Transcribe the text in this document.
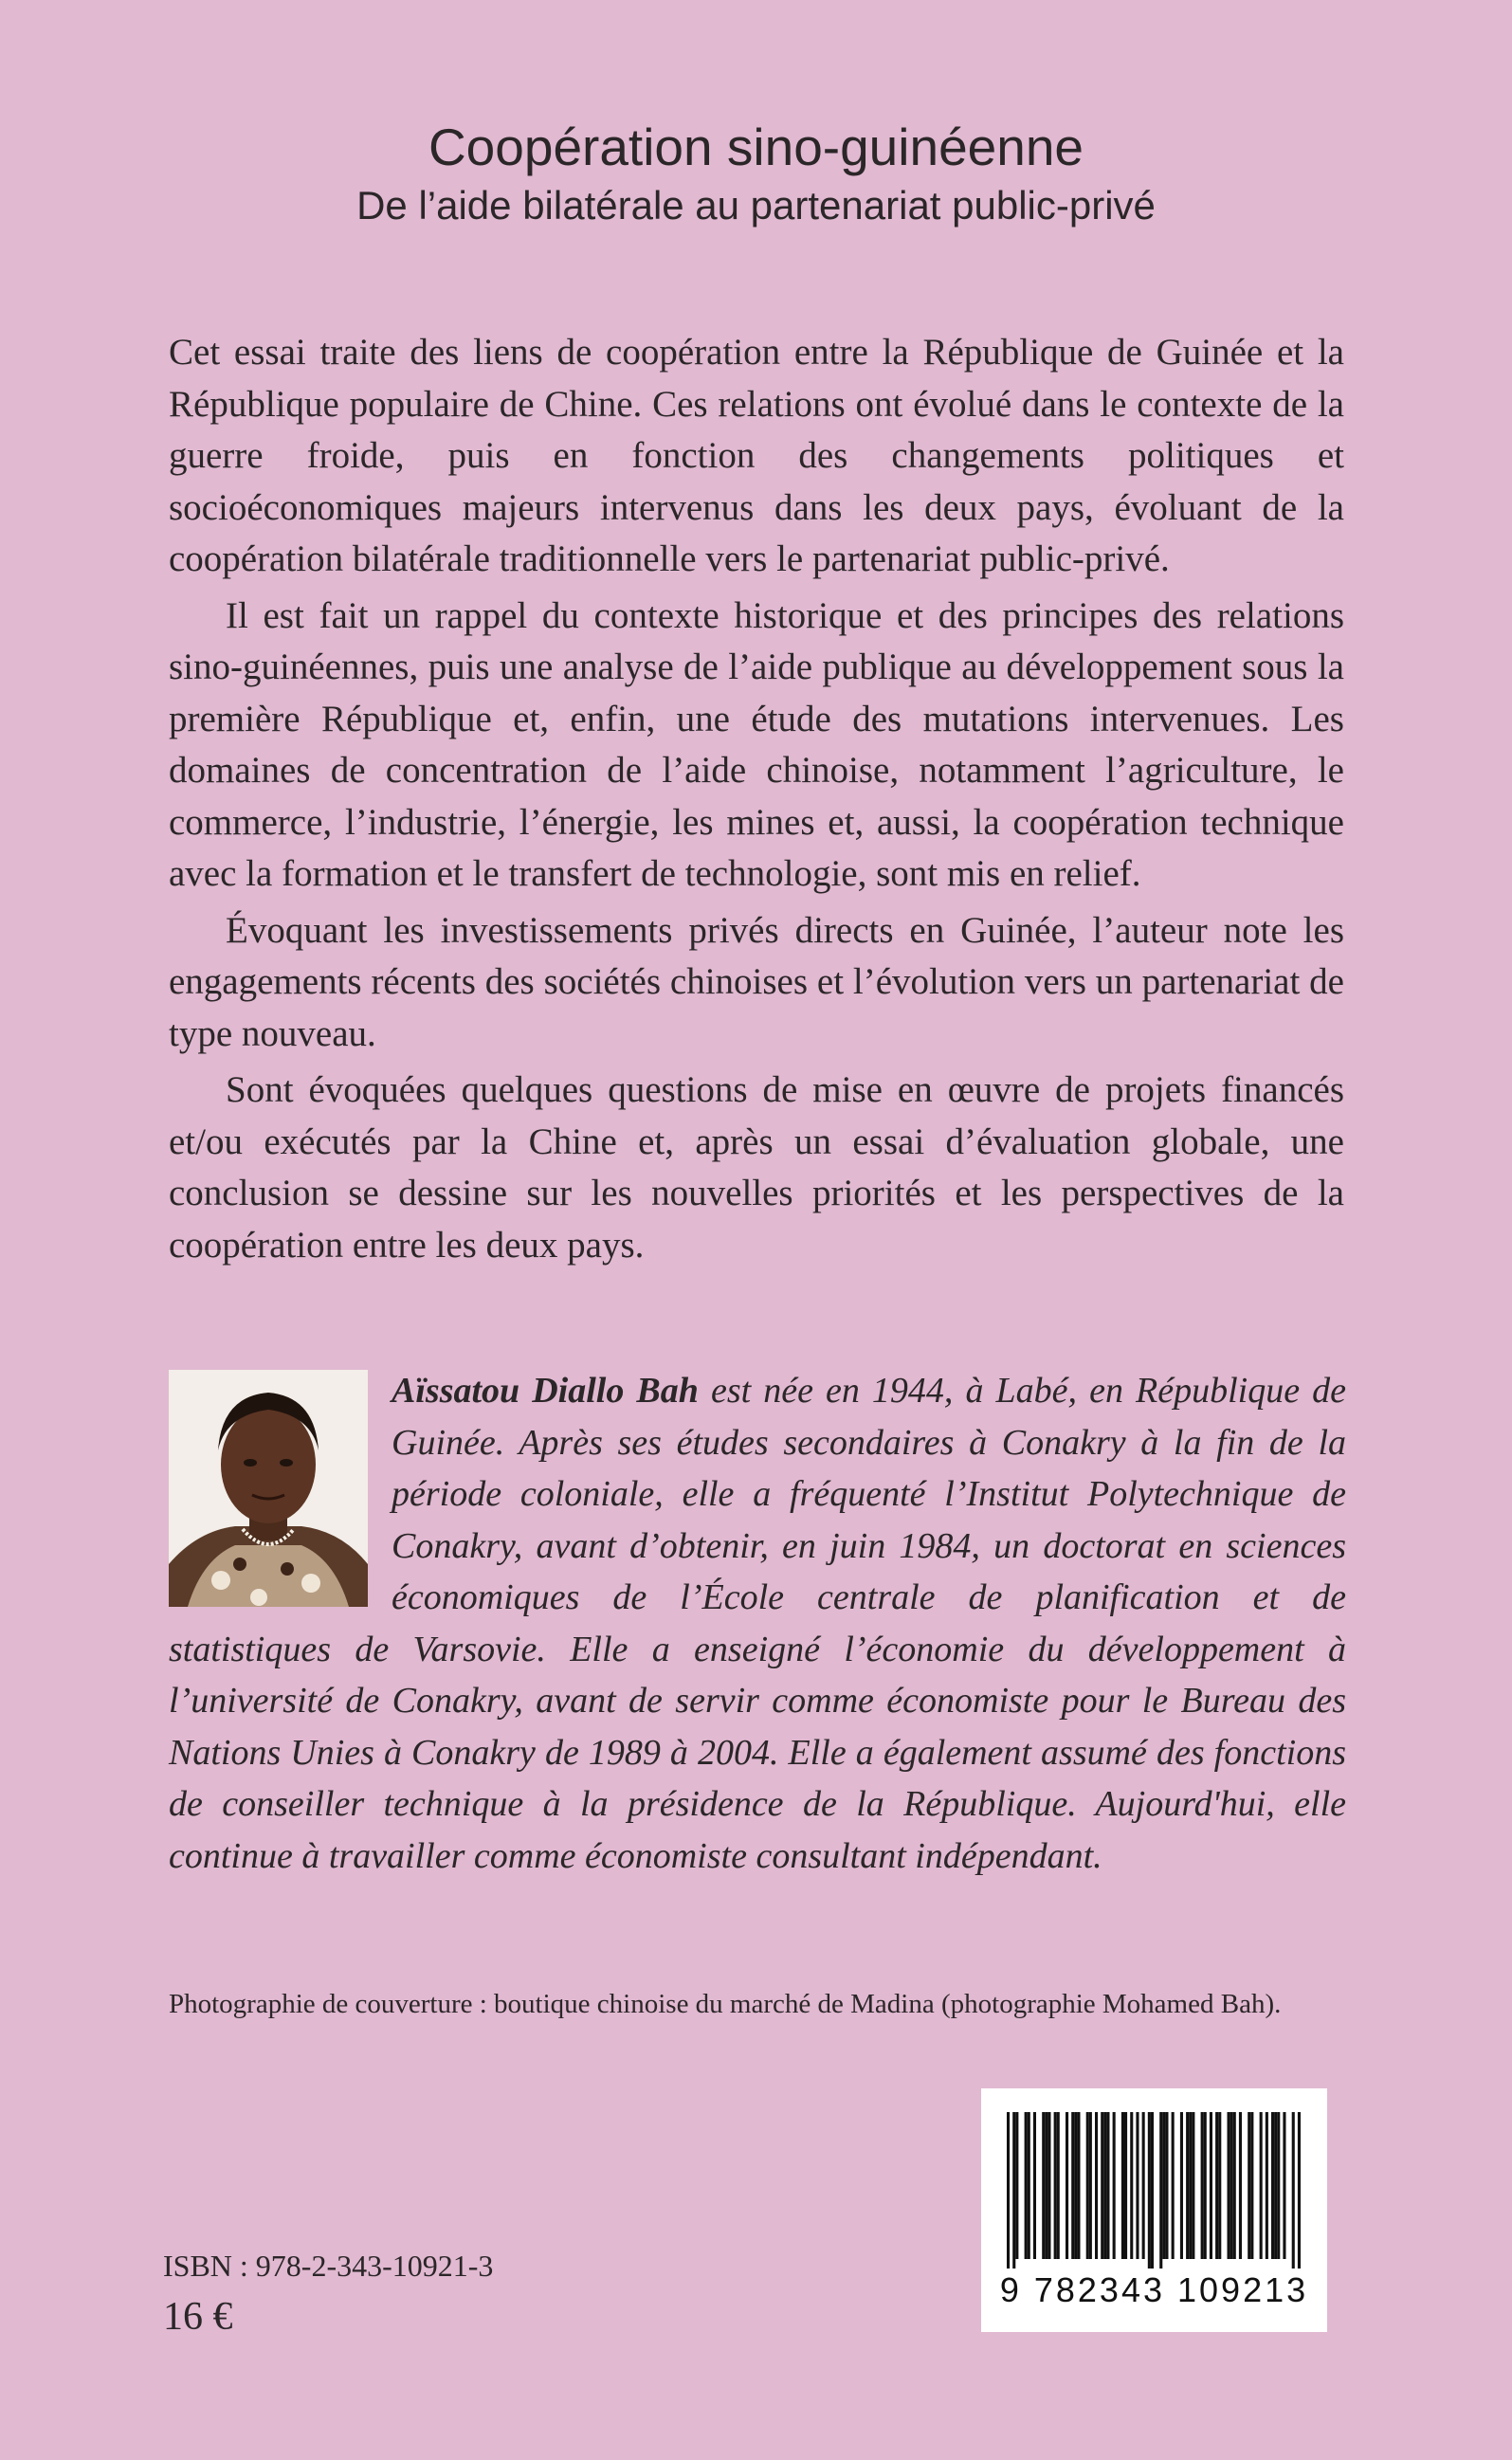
Coopération sino-guinéenne
De l’aide bilatérale au partenariat public-privé

Cet essai traite des liens de coopération entre la République de Guinée et la République populaire de Chine. Ces relations ont évolué dans le contexte de la guerre froide, puis en fonction des changements politiques et socioéconomiques majeurs intervenus dans les deux pays, évoluant de la coopération bilatérale traditionnelle vers le partenariat public-privé.

Il est fait un rappel du contexte historique et des principes des relations sino-guinéennes, puis une analyse de l’aide publique au développement sous la première République et, enfin, une étude des mutations intervenues. Les domaines de concentration de l’aide chinoise, notamment l’agriculture, le commerce, l’industrie, l’énergie, les mines et, aussi, la coopération technique avec la formation et le transfert de technologie, sont mis en relief.

Évoquant les investissements privés directs en Guinée, l’auteur note les engagements récents des sociétés chinoises et l’évolution vers un partenariat de type nouveau.

Sont évoquées quelques questions de mise en œuvre de projets financés et/ou exécutés par la Chine et, après un essai d’évaluation globale, une conclusion se dessine sur les nouvelles priorités et les perspectives de la coopération entre les deux pays.

Aïssatou Diallo Bah est née en 1944, à Labé, en République de Guinée. Après ses études secondaires à Conakry à la fin de la période coloniale, elle a fréquenté l’Institut Polytechnique de Conakry, avant d’obtenir, en juin 1984, un doctorat en sciences économiques de l’École centrale de planification et de statistiques de Varsovie. Elle a enseigné l’économie du développement à l’université de Conakry, avant de servir comme économiste pour le Bureau des Nations Unies à Conakry de 1989 à 2004. Elle a également assumé des fonctions de conseiller technique à la présidence de la République. Aujourd'hui, elle continue à travailler comme économiste consultant indépendant.
Photographie de couverture : boutique chinoise du marché de Madina (photographie Mohamed Bah).
9 782343 109213
ISBN : 978-2-343-10921-3
16 €
